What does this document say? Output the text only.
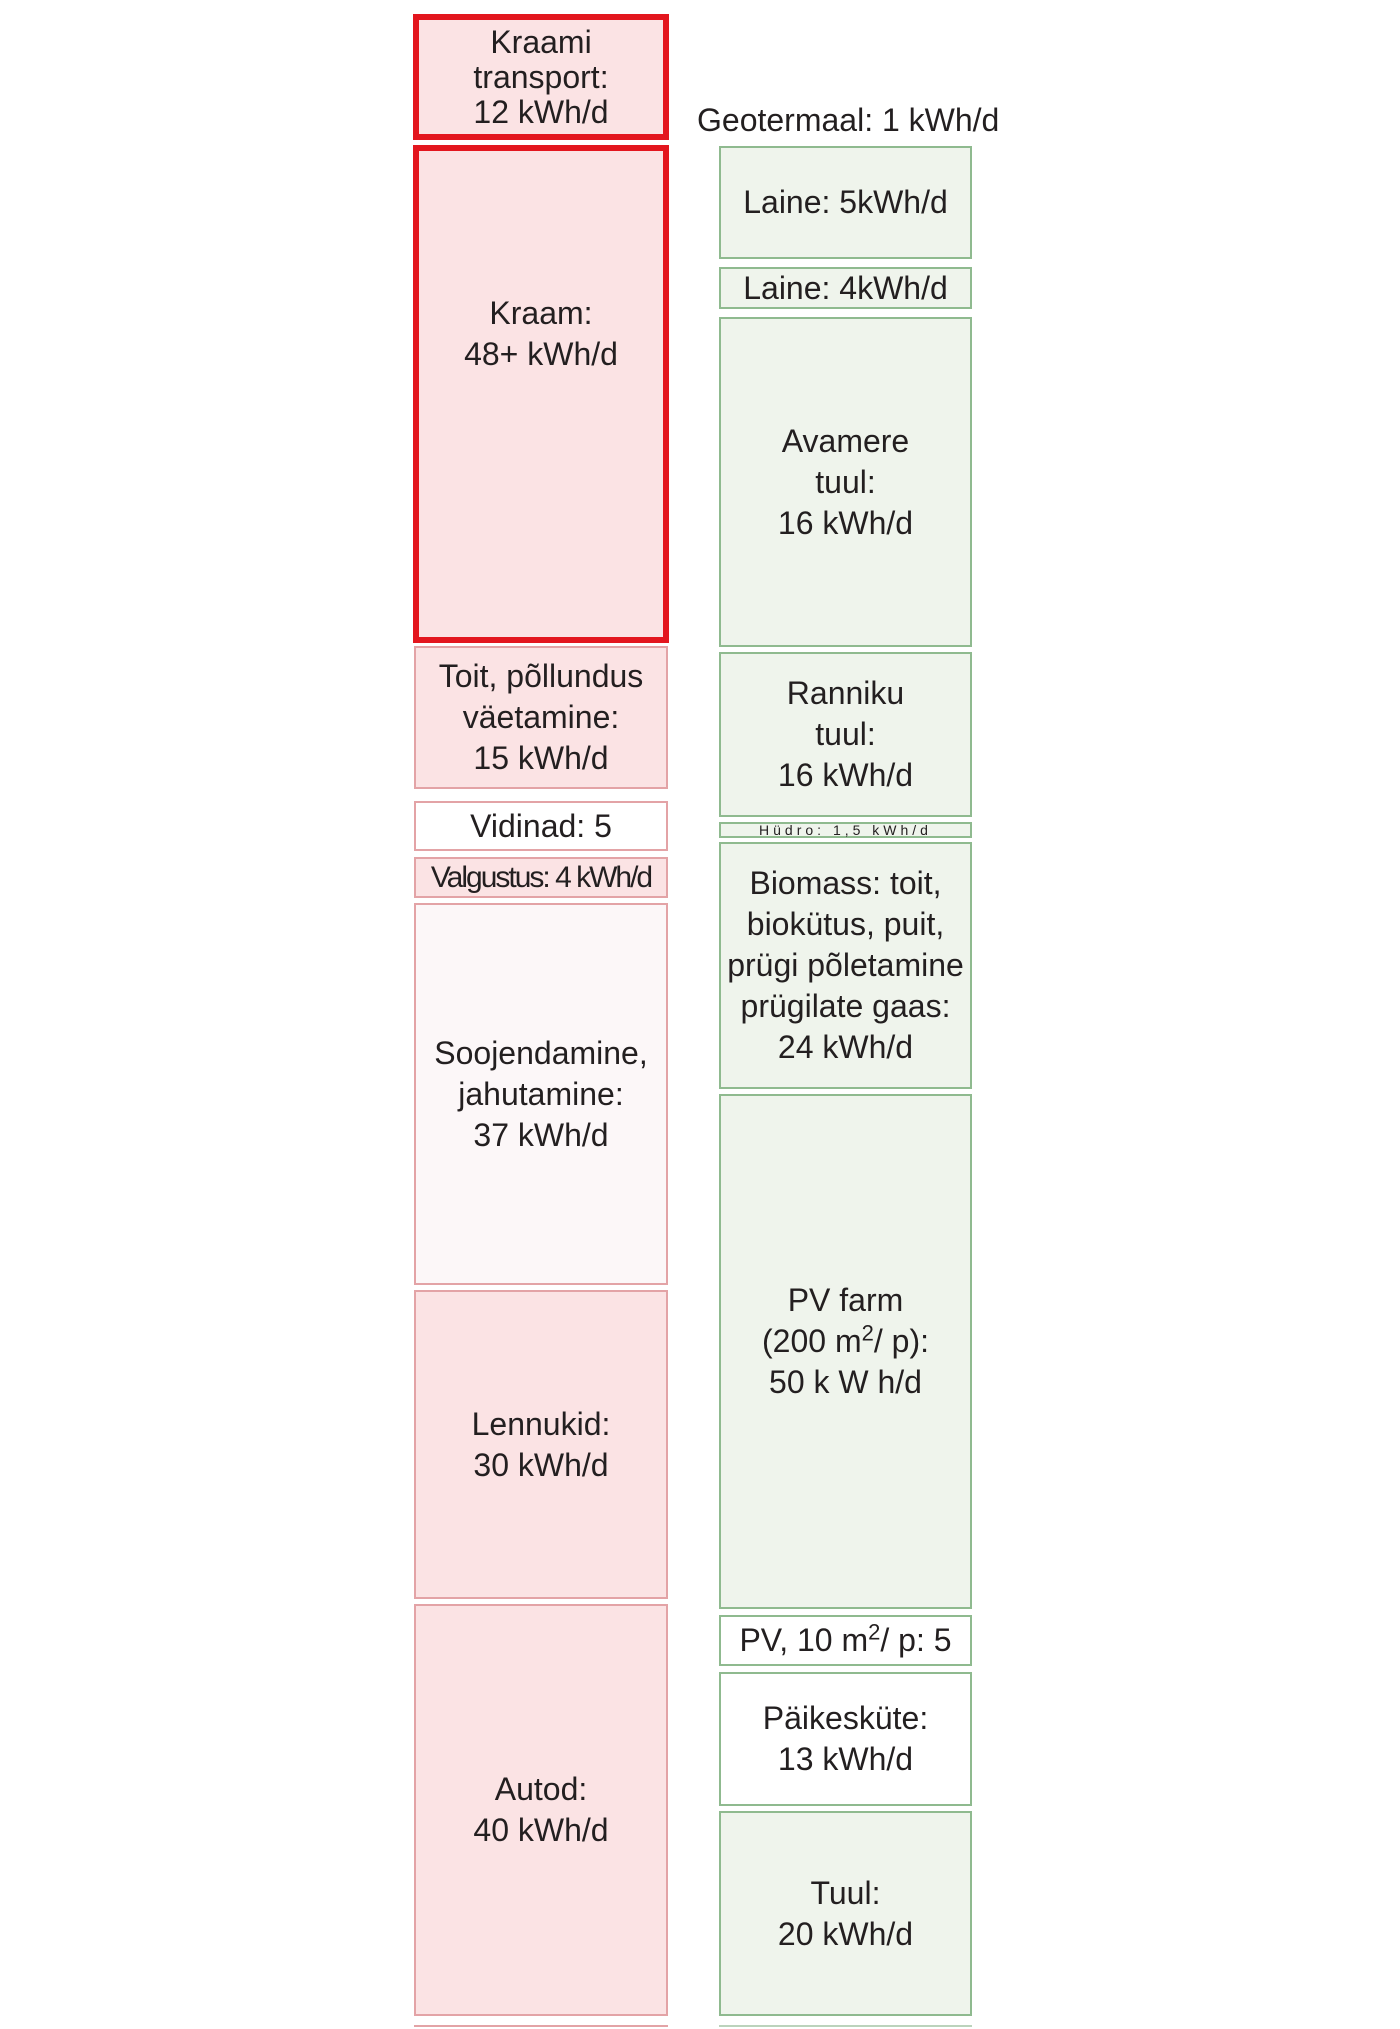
Kraami
transport:
12 kWh/d
Kraam:
48+ kWh/d
Toit, põllundus
väetamine:
15 kWh/d
Vidinad: 5
Valgustus: 4 kWh/d
Soojendamine,
jahutamine:
37 kWh/d
Lennukid:
30 kWh/d
Autod:
40 kWh/d
Geotermaal: 1 kWh/d
Laine: 5kWh/d
Laine: 4kWh/d
Avamere
tuul:
16 kWh/d
Ranniku
tuul:
16 kWh/d
Hüdro: 1,5 kWh/d
Biomass: toit,
biokütus, puit,
prügi põletamine
prügilate gaas:
24 kWh/d
PV farm
(200 $m^2/$ p):
50 k W h/d
PV, 10 $m^2/$ p: 5
Päikesküte:
13 kWh/d
Tuul:
20 kWh/d
